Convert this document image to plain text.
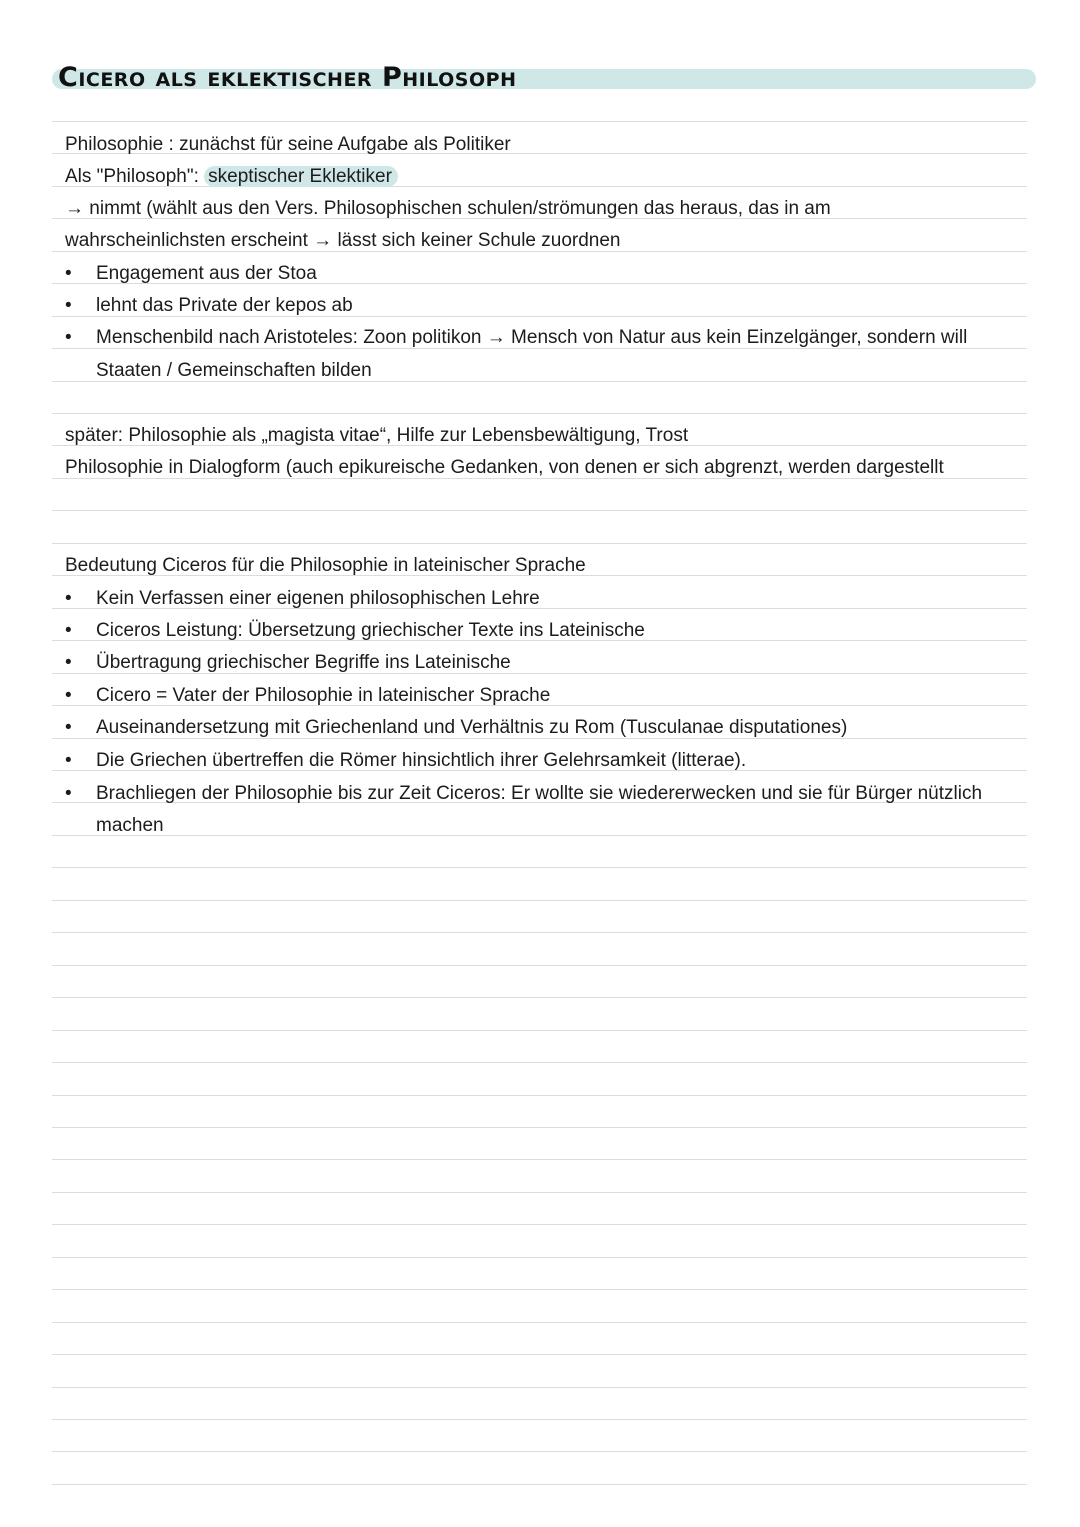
Cicero als eklektischer Philosoph
Philosophie : zunächst für seine Aufgabe als Politiker
Als "Philosoph": skeptischer Eklektiker
→ nimmt (wählt aus den Vers. Philosophischen schulen/strömungen das heraus, das in am
wahrscheinlichsten erscheint → lässt sich keiner Schule zuordnen
• Engagement aus der Stoa
• lehnt das Private der kepos ab
• Menschenbild nach Aristoteles: Zoon politikon → Mensch von Natur aus kein Einzelgänger, sondern will
Staaten / Gemeinschaften bilden
später: Philosophie als „magista vitae“, Hilfe zur Lebensbewältigung, Trost
Philosophie in Dialogform (auch epikureische Gedanken, von denen er sich abgrenzt, werden dargestellt
Bedeutung Ciceros für die Philosophie in lateinischer Sprache
• Kein Verfassen einer eigenen philosophischen Lehre
• Ciceros Leistung: Übersetzung griechischer Texte ins Lateinische
• Übertragung griechischer Begriffe ins Lateinische
• Cicero = Vater der Philosophie in lateinischer Sprache
• Auseinandersetzung mit Griechenland und Verhältnis zu Rom (Tusculanae disputationes)
• Die Griechen übertreffen die Römer hinsichtlich ihrer Gelehrsamkeit (litterae).
• Brachliegen der Philosophie bis zur Zeit Ciceros: Er wollte sie wiedererwecken und sie für Bürger nützlich
machen
